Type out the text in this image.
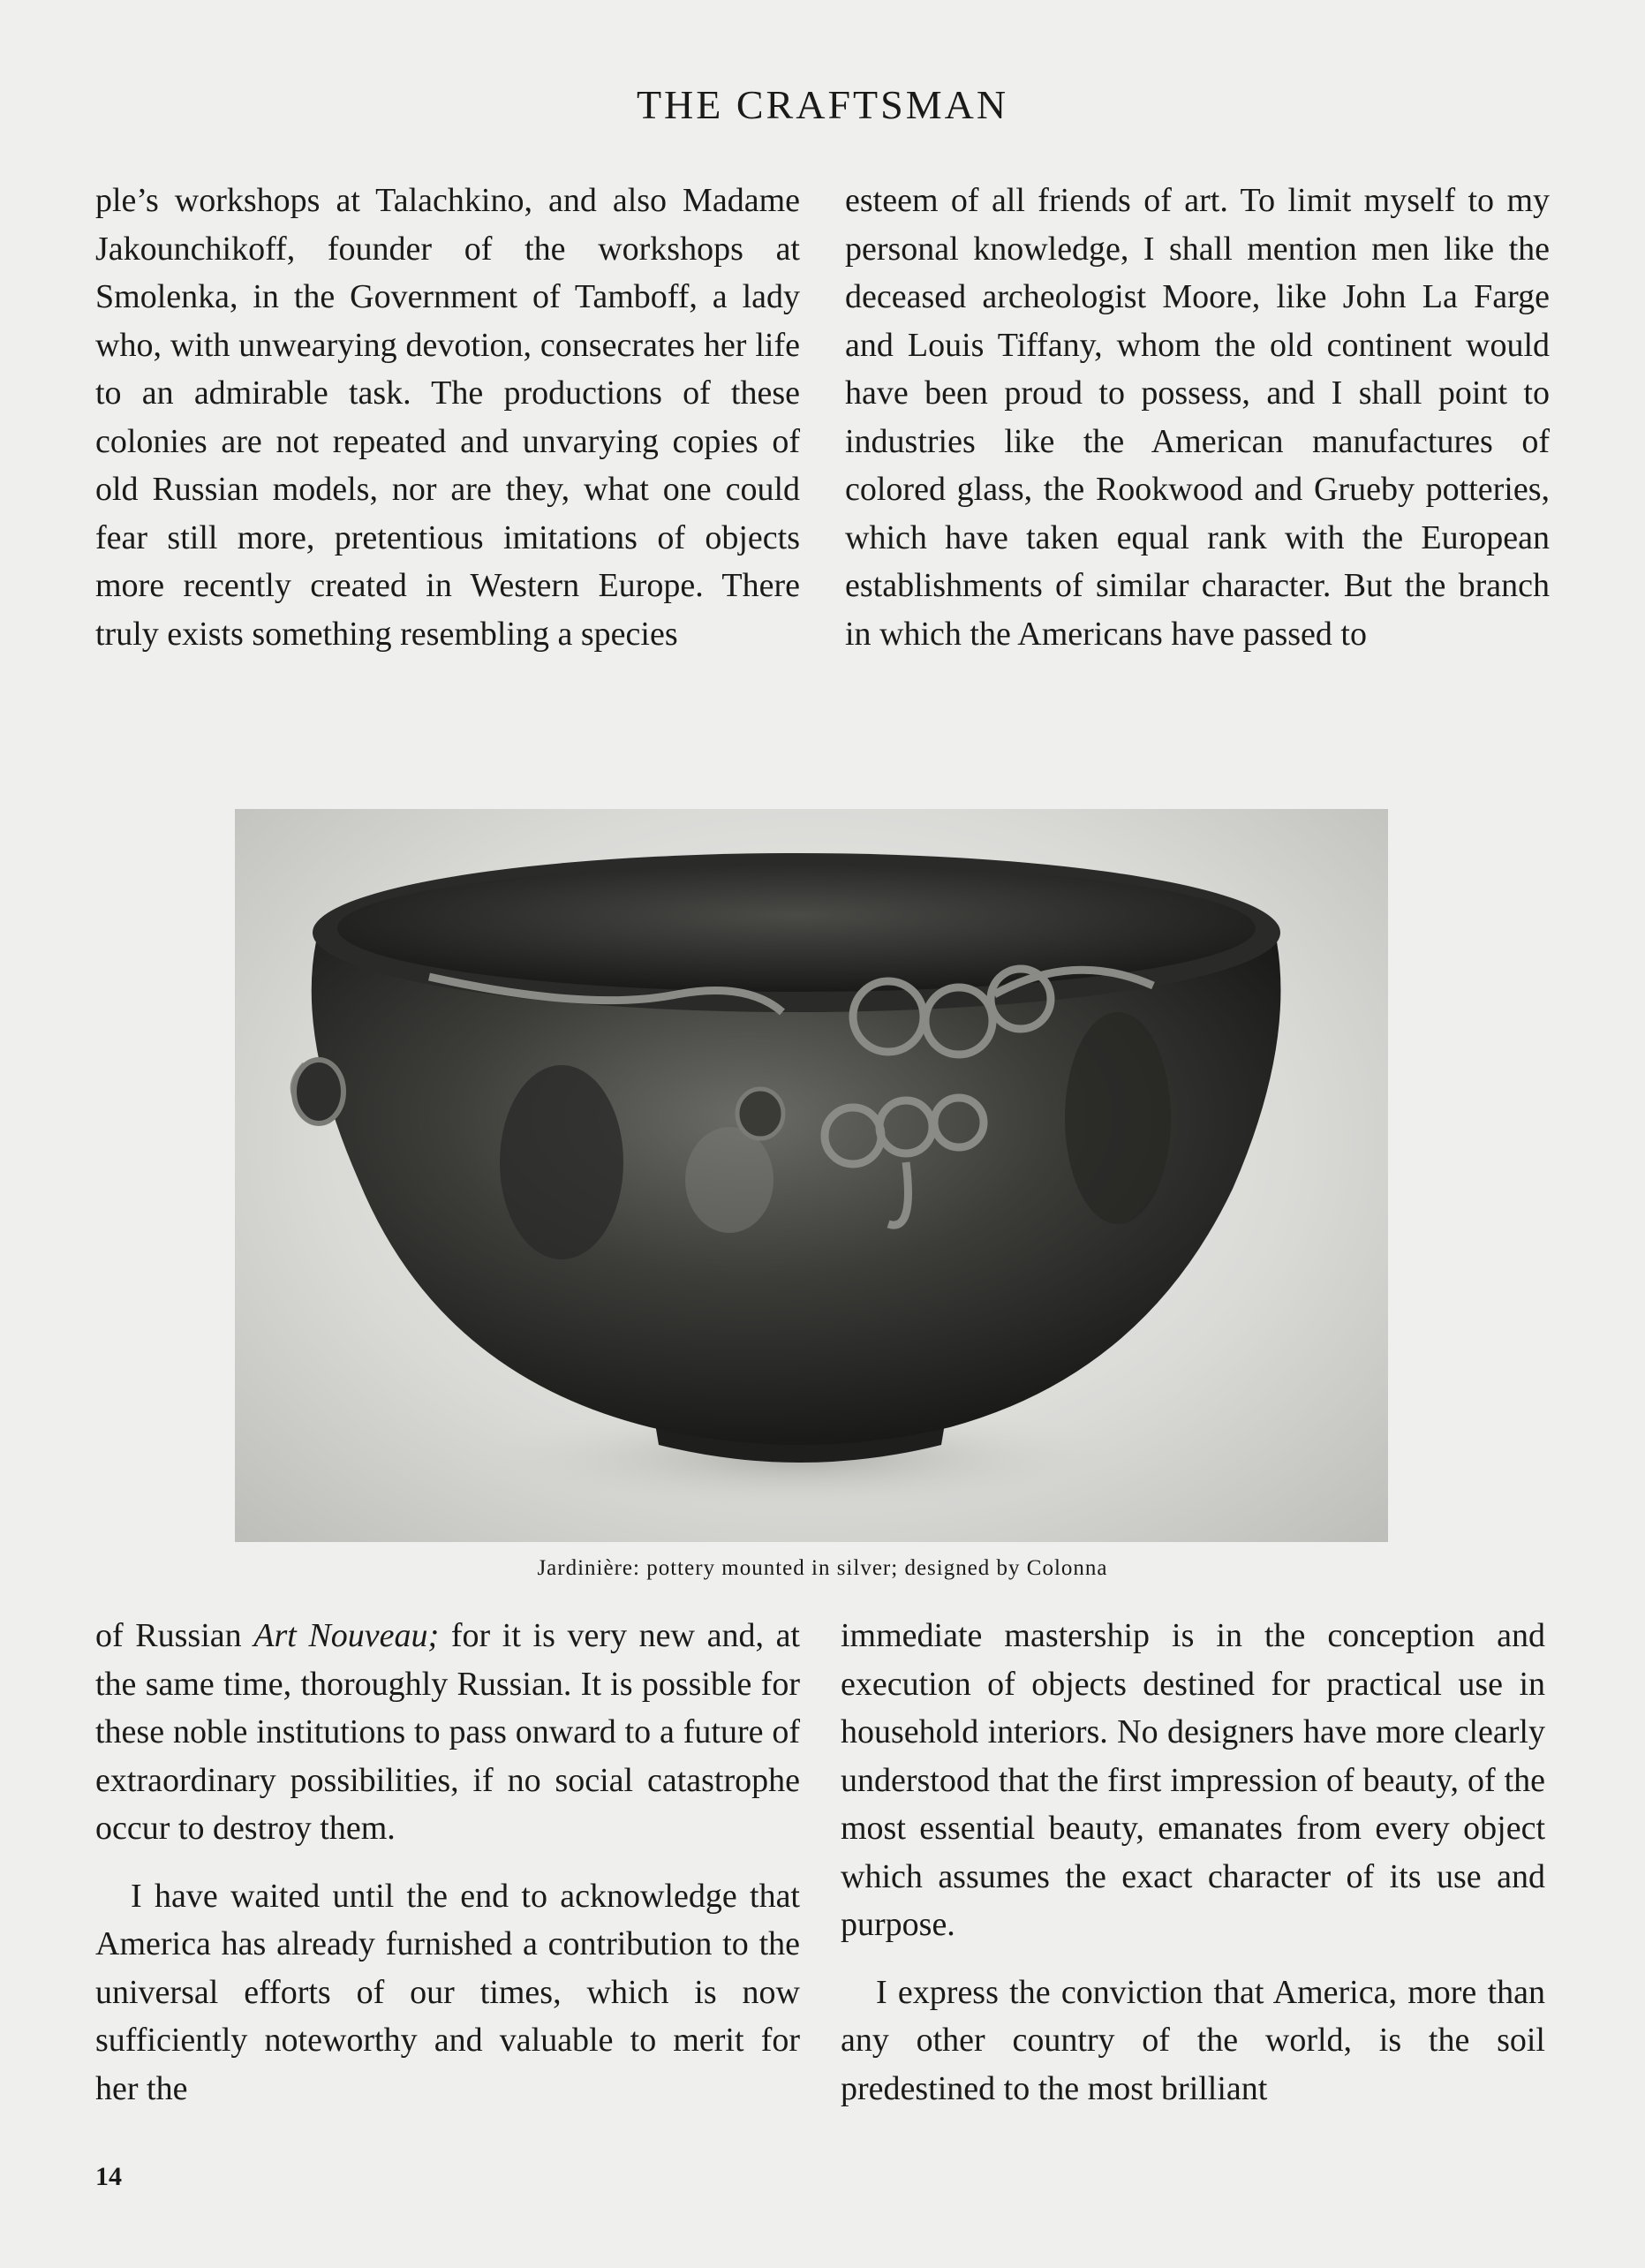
THE CRAFTSMAN

ple’s workshops at Talachkino, and also Madame Jakounchikoff, founder of the workshops at Smolenka, in the Government of Tamboff, a lady who, with unwearying devotion, consecrates her life to an admirable task. The productions of these colonies are not repeated and unvarying copies of old Russian models, nor are they, what one could fear still more, pretentious imitations of objects more recently created in Western Europe. There truly exists something resembling a species

esteem of all friends of art. To limit myself to my personal knowledge, I shall mention men like the deceased archeologist Moore, like John La Farge and Louis Tiffany, whom the old continent would have been proud to possess, and I shall point to industries like the American manufactures of colored glass, the Rookwood and Grueby potteries, which have taken equal rank with the European establishments of similar character. But the branch in which the Americans have passed to

Jardinière: pottery mounted in silver; designed by Colonna

of Russian Art Nouveau; for it is very new and, at the same time, thoroughly Russian. It is possible for these noble institutions to pass onward to a future of extraordinary possibilities, if no social catastrophe occur to destroy them.

I have waited until the end to acknowledge that America has already furnished a contribution to the universal efforts of our times, which is now sufficiently noteworthy and valuable to merit for her the

immediate mastership is in the conception and execution of objects destined for practical use in household interiors. No designers have more clearly understood that the first impression of beauty, of the most essential beauty, emanates from every object which assumes the exact character of its use and purpose.

I express the conviction that America, more than any other country of the world, is the soil predestined to the most brilliant

14
